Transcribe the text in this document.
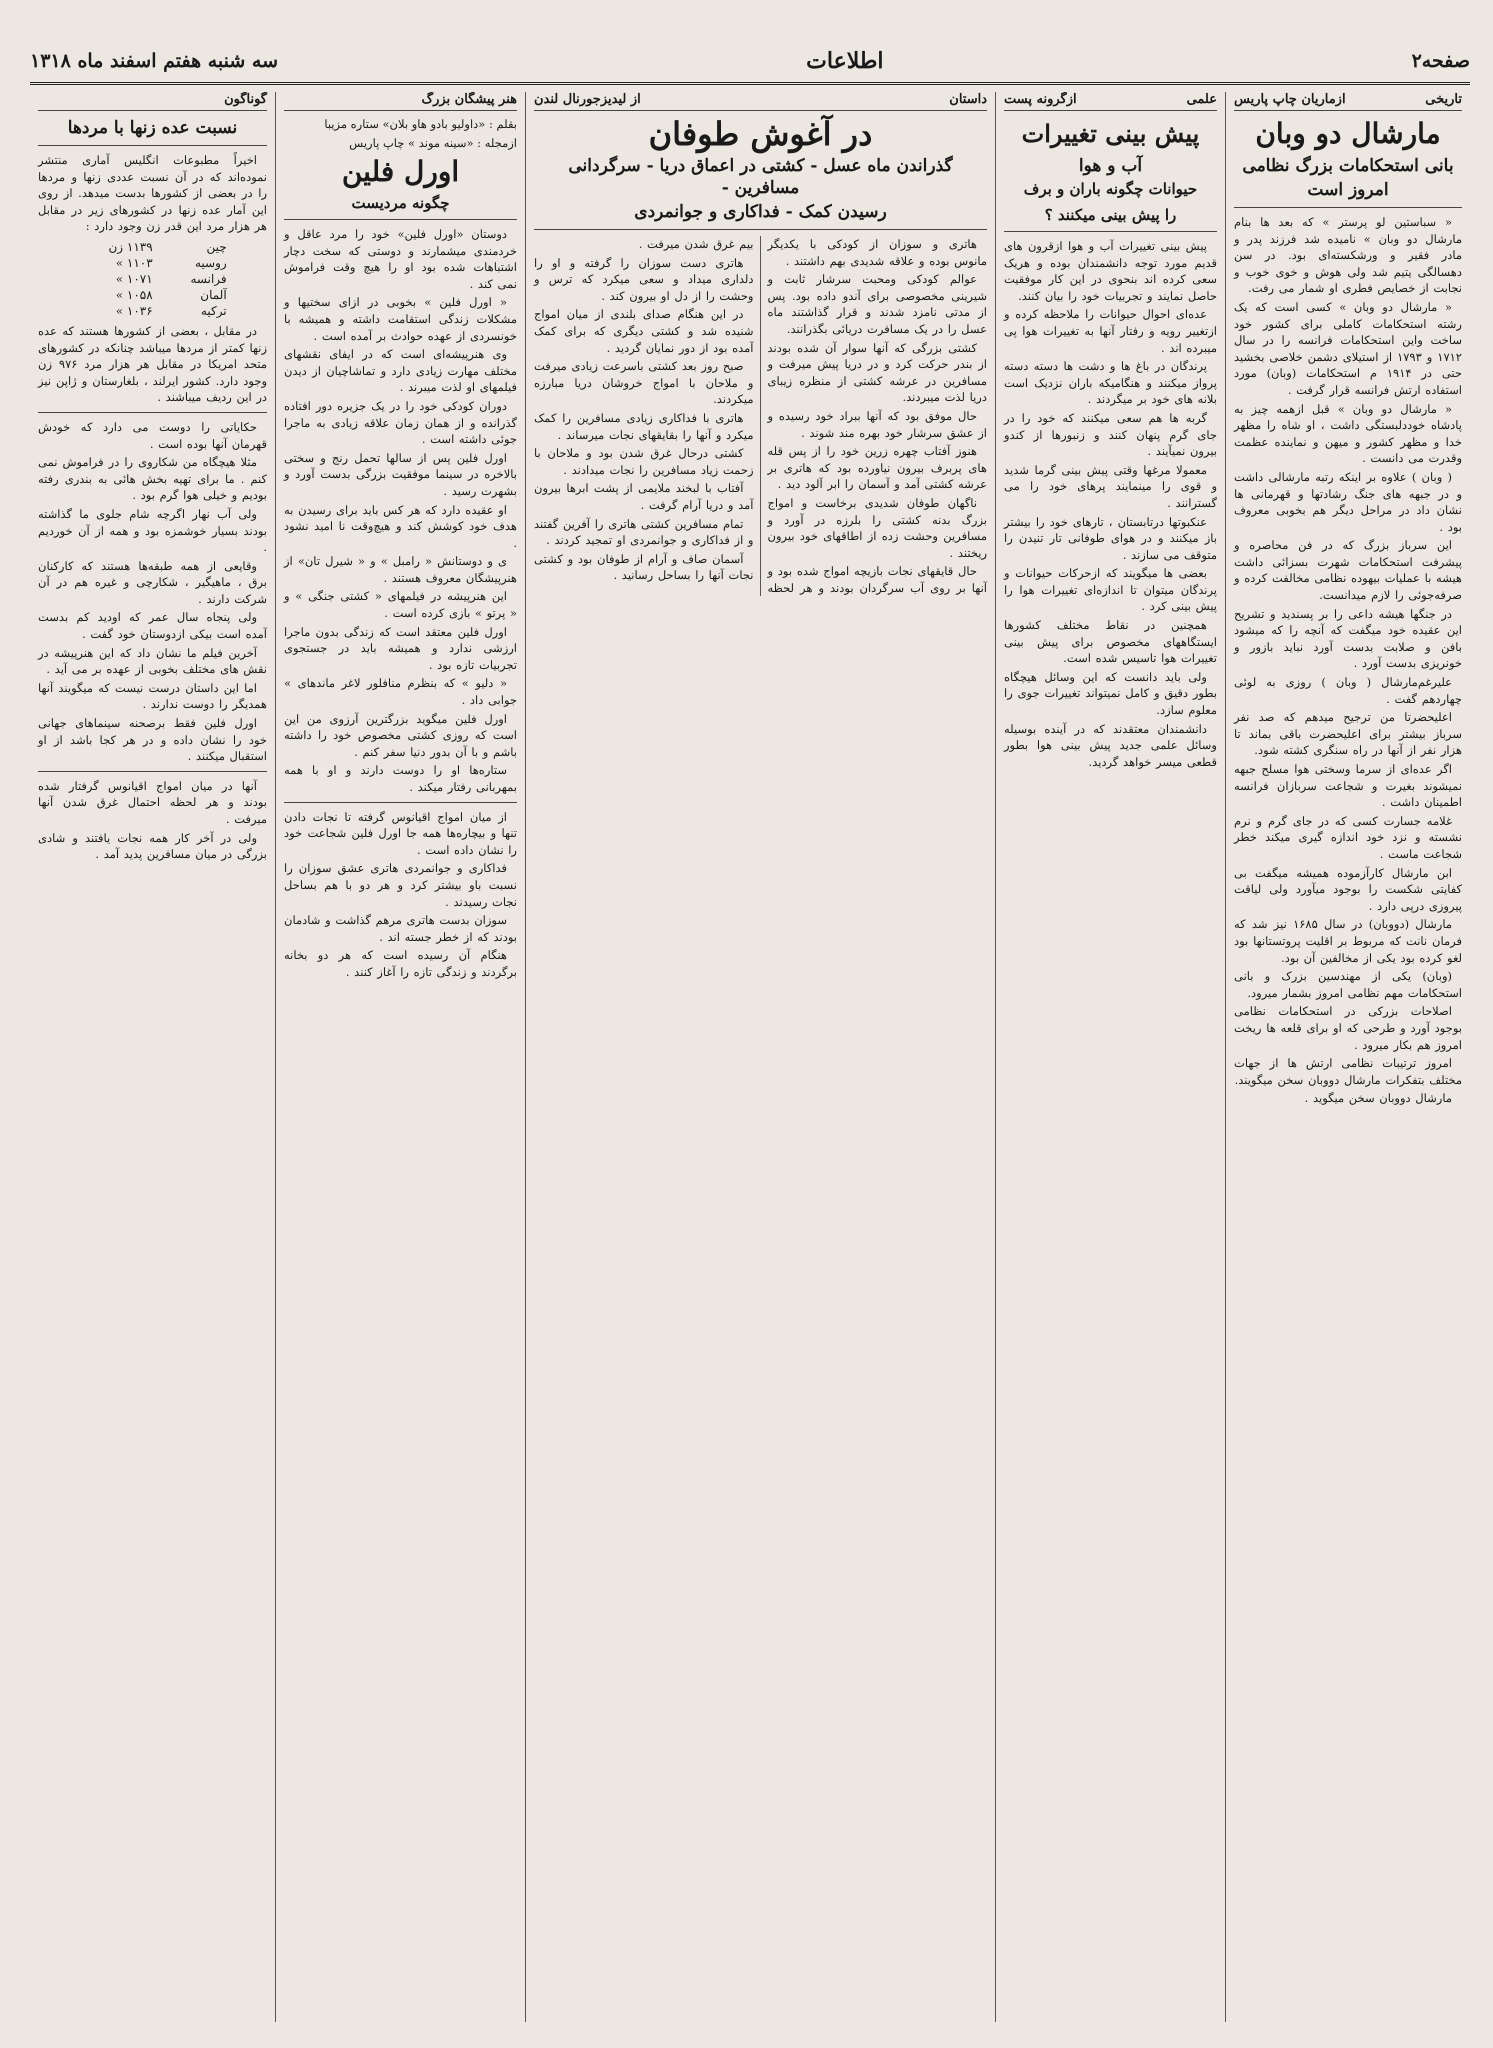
صفحه۲
اطلاعات
سه شنبه هفتم اسفند ماه ۱۳۱۸
تاریخی
ازماریان چاپ پاریس
مارشال دو وبان
بانی استحکامات بزرگ نظامی
امروز است

« سباستین لو پرستر » که بعد ها بنام مارشال دو وبان » نامیده شد فرزند پدر و مادر فقیر و ورشکسته‌ای بود. در سن دهسالگی یتیم شد ولی هوش و خوی خوب و نجابت از خصایص فطری او شمار می رفت.

« مارشال دو وبان » کسی است که یک رشته استحکامات کاملی برای کشور خود ساخت واین استحکامات فرانسه را در سال ۱۷۱۲ و ۱۷۹۳ از استیلای دشمن خلاصی بخشید حتی در ۱۹۱۴ م استحکامات (وبان) مورد استفاده ارتش فرانسه قرار گرفت .

« مارشال دو وبان » قبل ازهمه چیز به پادشاه خوددلبستگی داشت ، او شاه را مظهر خدا و مظهر کشور و میهن و نماینده عظمت وقدرت می دانست .

( وبان ) علاوه بر اینکه رتبه مارشالی داشت و در جبهه های جنگ رشادتها و قهرمانی ها نشان داد در مراحل دیگر هم بخوبی معروف بود .

این سرباز بزرگ که در فن محاصره و پیشرفت استحکامات شهرت بسزائی داشت هیشه با عملیات بیهوده نظامی مخالفت کرده و صرفه‌جوئی را لازم میدانست.

در جنگها هیشه داعی را بر پسندید و تشریح این عقیده خود میگفت که آنچه را که میشود بافن و صلابت بدست آورد نباید بازور و خونریزی بدست آورد .

علیرغم‌مارشال ( وبان ) روزی به لوئی چهاردهم گفت .

اعلیحضرتا من ترجیح میدهم که صد نفر سرباز بیشتر برای اعلیحضرت باقی بماند تا هزار نفر از آنها در راه سنگری کشته شود.

اگر عده‌ای از سرما وسختی هوا مسلح جبهه نمیشوند بغیرت و شجاعت سربازان فرانسه اطمینان داشت .

غلامه جسارت کسی که در جای گرم و نرم نشسته و نزد خود اندازه گیری میکند خطر شجاعت ماست .

ابن مارشال کارآزموده همیشه میگفت بی کفایتی شکست را بوجود میآورد ولی لیاقت پیروزی درپی دارد .

مارشال (دووبان) در سال ۱۶۸۵ نیز شد که فرمان نانت که مربوط بر اقلیت پروتستانها بود لغو کرده بود یکی از مخالفین آن بود.

(وبان) یکی از مهندسین بزرک و بانی استحکامات مهم نظامی امروز بشمار میرود.

اصلاحات بزرکی در استحکامات نظامی بوجود آورد و طرحی که او برای قلعه ها ریخت امروز هم بکار میرود .

امروز ترتیبات نظامی ارتش ها از جهات مختلف بتفکرات مارشال دووبان سخن میگویند.

مارشال دووبان سخن میگوید .

علمی
ازگرونه پست
پیش بینی تغییرات
آب و هوا
حیوانات چگونه باران و برف
را پیش بینی میکنند ؟

پیش بینی تغییرات آب و هوا ازقرون های قدیم مورد توجه دانشمندان بوده و هریک سعی کرده اند بنحوی در این کار موفقیت حاصل نمایند و تجربیات خود را بیان کنند.

عده‌ای احوال حیوانات را ملاحظه کرده و ازتغییر رویه و رفتار آنها به تغییرات هوا پی میبرده اند .

پرندگان در باغ ها و دشت ها دسته دسته پرواز میکنند و هنگامیکه باران نزدیک است بلانه های خود بر میگردند .

گربه ها هم سعی میکنند که خود را در جای گرم پنهان کنند و زنبورها از کندو بیرون نمیآیند .

معمولا مرغها وقتی پیش بینی گرما شدید و قوی را مینمایند پرهای خود را می گسترانند .

عنکبوتها درتابستان ، تارهای خود را بیشتر باز میکنند و در هوای طوفانی تار تنیدن را متوقف می سازند .

بعضی ها میگویند که ازحرکات حیوانات و پرندگان میتوان تا اندازه‌ای تغییرات هوا را پیش بینی کرد .

همچنین در نقاط مختلف کشورها ایستگاههای مخصوص برای پیش بینی تغییرات هوا تاسیس شده است.

ولی باید دانست که این وسائل هیچگاه بطور دقیق و کامل نمیتواند تغییرات جوی را معلوم سازد.

دانشمندان معتقدند که در آینده بوسیله وسائل علمی جدید پیش بینی هوا بطور قطعی میسر خواهد گردید.

داستان
از لیدیزجورنال لندن
در آغوش طوفان
گذراندن ماه عسل - کشتی در اعماق دریا - سرگردانی مسافرین -
رسیدن کمک - فداکاری و جوانمردی

هاتری و سوزان از کودکی با یکدیگر مانوس بوده و علاقه شدیدی بهم داشتند .

عوالم کودکی ومحبت سرشار ثابت و شیرینی مخصوصی برای آندو داده بود. پس از مدتی نامزد شدند و قرار گذاشتند ماه عسل را در یک مسافرت دریائی بگذرانند.

کشتی بزرگی که آنها سوار آن شده بودند از بندر حرکت کرد و در دریا پیش میرفت و مسافرین در عرشه کشتی از منظره زیبای دریا لذت میبردند.

حال موفق بود که آنها ببراد خود رسیده و از عشق سرشار خود بهره مند شوند .

هنوز آفتاب چهره زرین خود را از پس قله های پربرف بیرون نیاورده بود که هاتری بر عرشه کشتی آمد و آسمان را ابر آلود دید .

ناگهان طوفان شدیدی برخاست و امواج بزرگ بدنه کشتی را بلرزه در آورد و مسافرین وحشت زده از اطاقهای خود بیرون ریختند .

حال قایقهای نجات بازیچه امواج شده بود و آنها بر روی آب سرگردان بودند و هر لحظه بیم غرق شدن میرفت .

هاتری دست سوزان را گرفته و او را دلداری میداد و سعی میکرد که ترس و وحشت را از دل او بیرون کند .

در این هنگام صدای بلندی از میان امواج شنیده شد و کشتی دیگری که برای کمک آمده بود از دور نمایان گردید .

صبح روز بعد کشتی باسرعت زیادی میرفت و ملاحان با امواج خروشان دریا مبارزه میکردند.

هاتری با فداکاری زیادی مسافرین را کمک میکرد و آنها را بقایقهای نجات میرساند .

کشتی درحال غرق شدن بود و ملاحان با زحمت زیاد مسافرین را نجات میدادند .

آفتاب با لبخند ملایمی از پشت ابرها بیرون آمد و دریا آرام گرفت .

تمام مسافرین کشتی هاتری را آفرین گفتند و از فداکاری و جوانمردی او تمجید کردند .

آسمان صاف و آرام از طوفان بود و کشتی نجات آنها را بساحل رسانید .

هنر پیشگان بزرگ
بقلم : «داولیو بادو هاو بلان» ستاره مزیبا
ازمجله : «سینه موند » چاپ پاریس
اورل فلین
چگونه مردیست

دوستان «اورل فلین» خود را مرد عاقل و خردمندی میشمارند و دوستی که سخت دچار اشتباهات شده بود او را هیچ وقت فراموش نمی کند .

« اورل فلین » بخوبی در ازای سختیها و مشکلات زندگی استقامت داشته و همیشه با خونسردی از عهده حوادث بر آمده است .

وی هنرپیشه‌ای است که در ایفای نقشهای مختلف مهارت زیادی دارد و تماشاچیان از دیدن فیلمهای او لذت میبرند .

دوران کودکی خود را در یک جزیره دور افتاده گذرانده و از همان زمان علاقه زیادی به ماجرا جوئی داشته است .

اورل فلین پس از سالها تحمل رنج و سختی بالاخره در سینما موفقیت بزرگی بدست آورد و بشهرت رسید .

او عقیده دارد که هر کس باید برای رسیدن به هدف خود کوشش کند و هیچ‌وقت نا امید نشود .

ی و دوستانش « رامبل » و « شیرل تان» از هنرپیشگان معروف هستند .

این هنرپیشه در فیلمهای « کشتی جنگی » و « پرتو » بازی کرده است .

اورل فلین معتقد است که زندگی بدون ماجرا ارزشی ندارد و همیشه باید در جستجوی تجربیات تازه بود .

« دلیو » که بنظرم منافلور لاغر ماندهای » جوابی داد .

اورل فلین میگوید بزرگترین آرزوی من این است که روزی کشتی مخصوص خود را داشته باشم و با آن بدور دنیا سفر کنم .

ستاره‌ها او را دوست دارند و او با همه بمهربانی رفتار میکند .

از میان امواج اقیانوس گرفته تا نجات دادن تنها و بیچاره‌ها همه جا اورل فلین شجاعت خود را نشان داده است .

فداکاری و جوانمردی هاتری عشق سوزان را نسبت باو بیشتر کرد و هر دو با هم بساحل نجات رسیدند .

سوزان بدست هاتری مرهم گذاشت و شادمان بودند که از خطر جسته اند .

هنگام آن رسیده است که هر دو بخانه برگردند و زندگی تازه را آغاز کنند .

گوناگون
نسبت عده زنها با مردها

اخیراً مطبوعات انگلیس آماری منتشر نموده‌اند که در آن نسبت عددی زنها و مردها را در بعضی از کشورها بدست میدهد. از روی این آمار عده زنها در کشورهای زیر در مقابل هر هزار مرد این قدر زن وجود دارد :

چین	۱۱۳۹ زن
روسیه	۱۱۰۳ »
فرانسه	۱۰۷۱ »
آلمان	۱۰۵۸ »
ترکیه	۱۰۳۶ »

در مقابل ، بعضی از کشورها هستند که عده زنها کمتر از مردها میباشد چنانکه در کشورهای متحد امریکا در مقابل هر هزار مرد ۹۷۶ زن وجود دارد. کشور ایرلند ، بلغارستان و ژاپن نیز در این ردیف میباشند .

حکایاتی را دوست می دارد که خودش قهرمان آنها بوده است .

مثلا هیچگاه من شکاروی را در فراموش نمی کنم . ما برای تهیه بخش هائی به بندری رفته بودیم و خیلی هوا گرم بود .

ولی آب نهار اگرچه شام جلوی ما گذاشته بودند بسیار خوشمزه بود و همه از آن خوردیم .

وقایعی از همه طبقه‌ها هستند که کارکنان برق ، ماهیگیر ، شکارچی و غیره هم در آن شرکت دارند .

ولی پنجاه سال عمر که اودید کم بدست آمده است بیکی ازدوستان خود گفت .

آخرین فیلم ما نشان داد که این هنرپیشه در نقش های مختلف بخوبی از عهده بر می آید .

اما این داستان درست نیست که میگویند آنها همدیگر را دوست ندارند .

اورل فلین فقط برصحنه سینماهای جهانی خود را نشان داده و در هر کجا باشد از او استقبال میکنند .

آنها در میان امواج اقیانوس گرفتار شده بودند و هر لحظه احتمال غرق شدن آنها میرفت .

ولی در آخر کار همه نجات یافتند و شادی بزرگی در میان مسافرین پدید آمد .
